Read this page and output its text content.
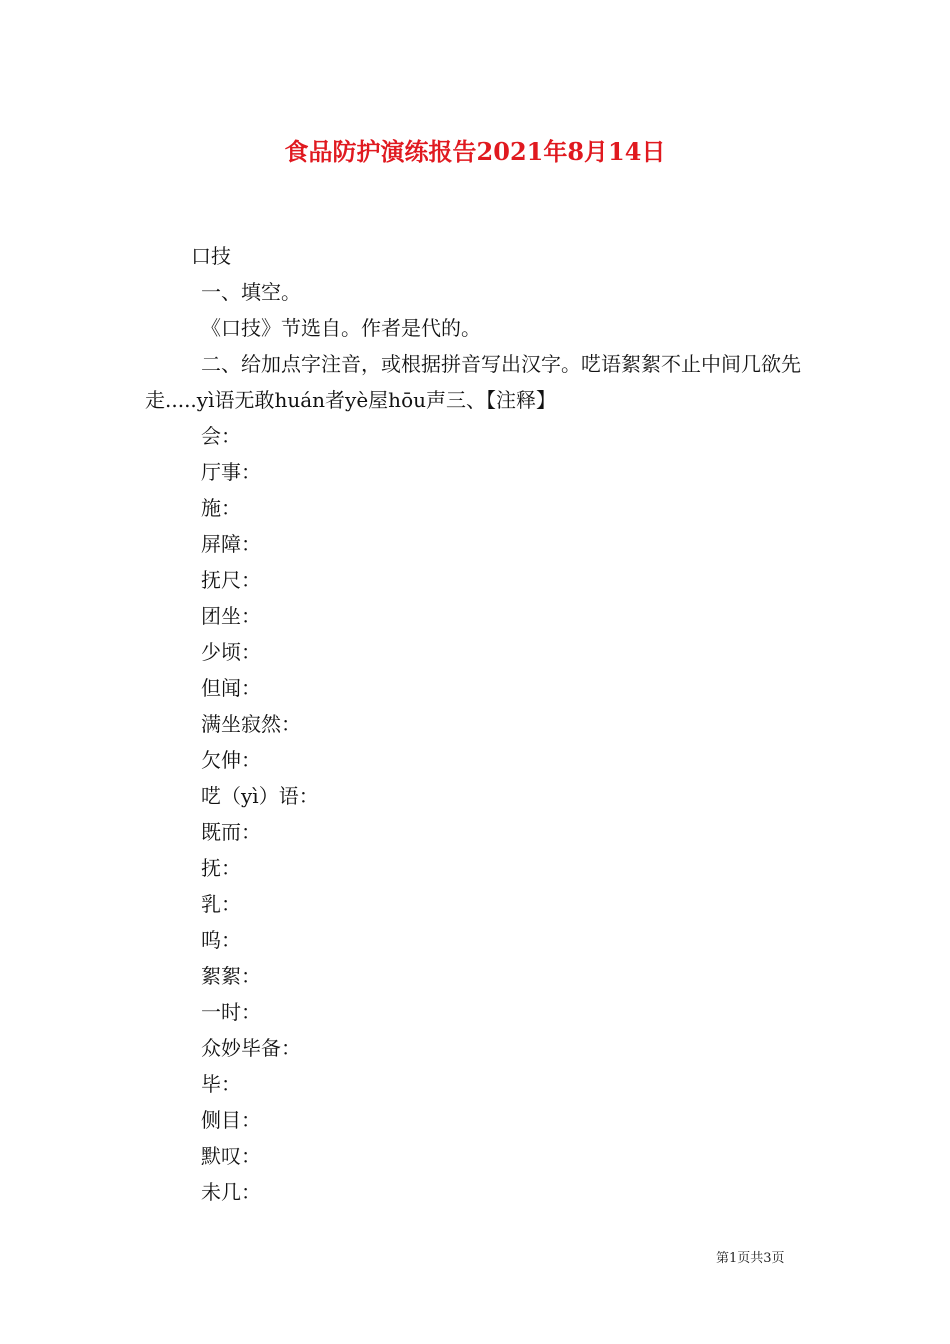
食品防护演练报告2021年8月14日
口技
一、填空。
《口技》节选自。作者是代的。
二、给加点字注音，或根据拼音写出汉字。呓语絮絮不止中间几欲先走.....yì语无敢huán者yè屋hōu声三、【注释】
会：
厅事：
施：
屏障：
抚尺：
团坐：
少顷：
但闻：
满坐寂然：
欠伸：
呓（yì）语：
既而：
抚：
乳：
呜：
絮絮：
一时：
众妙毕备：
毕：
侧目：
默叹：
未几：
第1页共3页
